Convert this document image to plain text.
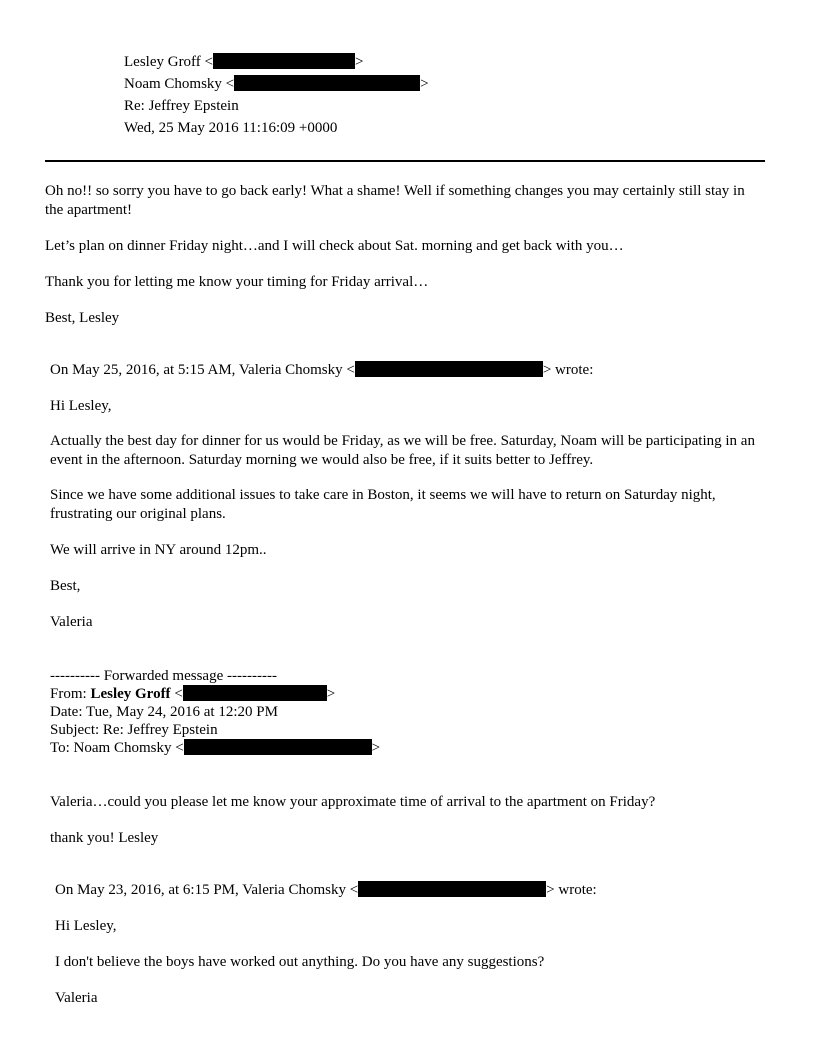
Lesley Groff <	>
Noam Chomsky <	>
Re: Jeffrey Epstein
Wed, 25 May 2016 11:16:09 +0000
Oh no!! so sorry you have to go back early! What a shame! Well if something changes you may certainly still stay in the apartment!
Let’s plan on dinner Friday night…and I will check about Sat. morning and get back with you…
Thank you for letting me know your timing for Friday arrival…
Best, Lesley
On May 25, 2016, at 5:15 AM, Valeria Chomsky <	> wrote:
Hi Lesley,
Actually the best day for dinner for us would be Friday, as we will be free. Saturday, Noam will be participating in an event in the afternoon. Saturday morning we would also be free, if it suits better to Jeffrey.
Since we have some additional issues to take care in Boston, it seems we will have to return on Saturday night, frustrating our original plans.
We will arrive in NY around 12pm..
Best,
Valeria
---------- Forwarded message ----------
From: Lesley Groff <	>
Date: Tue, May 24, 2016 at 12:20 PM
Subject: Re: Jeffrey Epstein
To: Noam Chomsky <	>
Valeria…could you please let me know your approximate time of arrival to the apartment on Friday?
thank you! Lesley
On May 23, 2016, at 6:15 PM, Valeria Chomsky <	> wrote:
Hi Lesley,
I don't believe the boys have worked out anything. Do you have any suggestions?
Valeria
